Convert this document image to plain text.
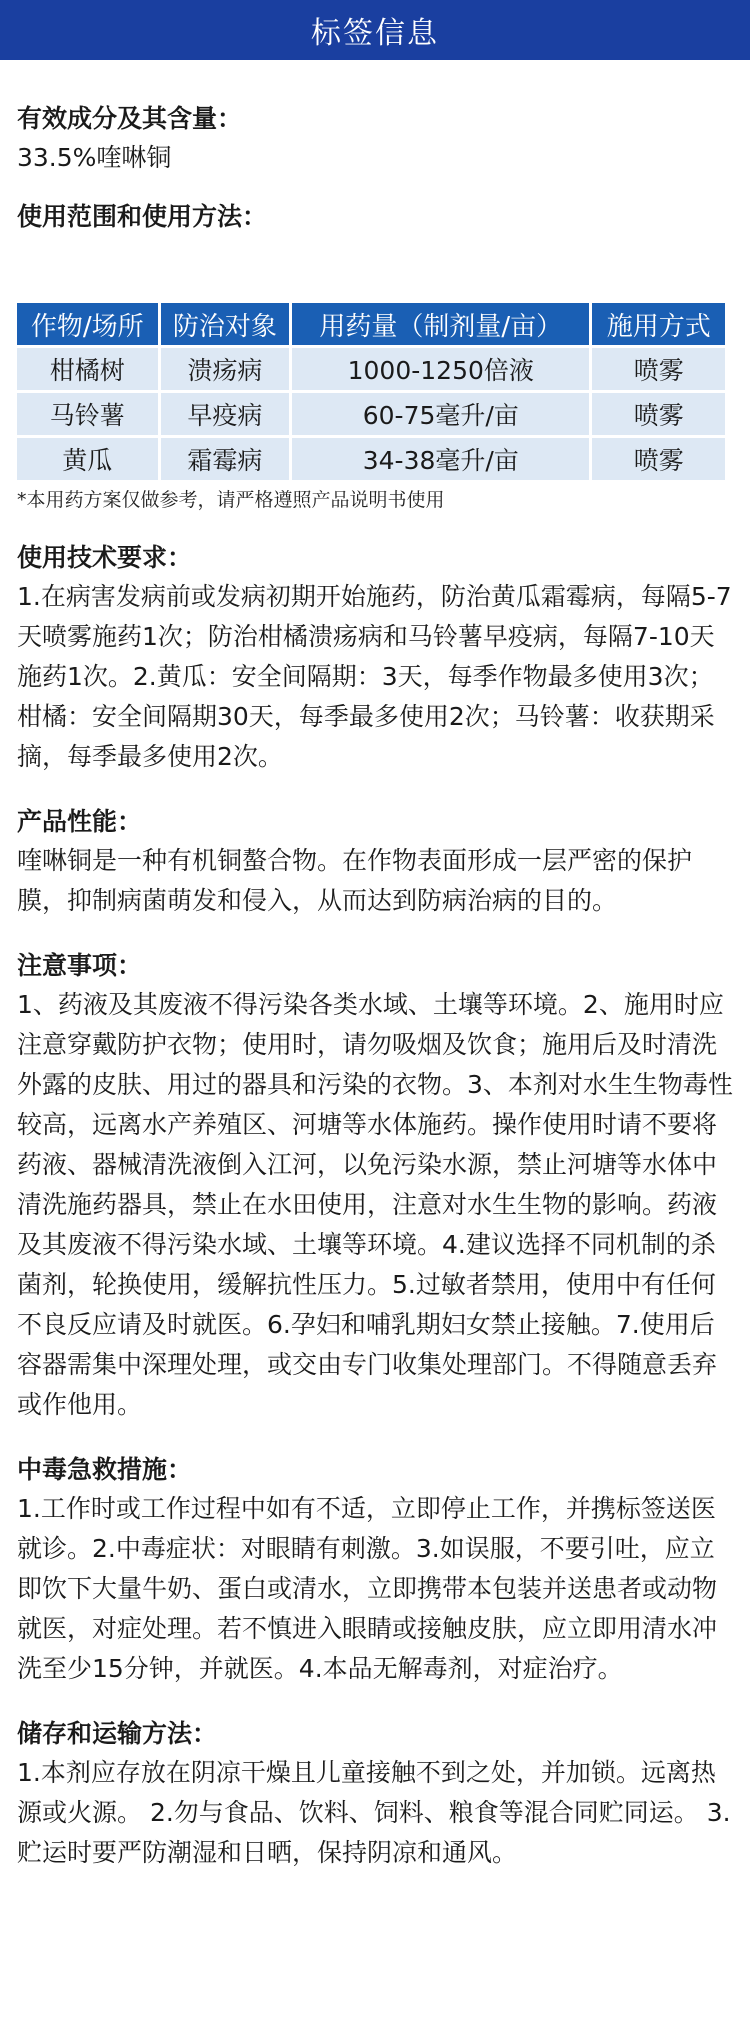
标签信息

有效成分及其含量：

33.5%喹啉铜

使用范围和使用方法：

作物/场所	防治对象	用药量（制剂量/亩）	施用方式
柑橘树	溃疡病	1000-1250倍液	喷雾
马铃薯	早疫病	60-75毫升/亩	喷雾
黄瓜	霜霉病	34-38毫升/亩	喷雾

*本用药方案仅做参考，请严格遵照产品说明书使用

使用技术要求：

1.在病害发病前或发病初期开始施药，防治黄瓜霜霉病，每隔5-7天喷雾施药1次；防治柑橘溃疡病和马铃薯早疫病，每隔7-10天施药1次。2.黄瓜：安全间隔期：3天，每季作物最多使用3次；柑橘：安全间隔期30天，每季最多使用2次；马铃薯：收获期采摘，每季最多使用2次。

产品性能：

喹啉铜是一种有机铜螯合物。在作物表面形成一层严密的保护膜，抑制病菌萌发和侵入，从而达到防病治病的目的。

注意事项：

1、药液及其废液不得污染各类水域、土壤等环境。2、施用时应注意穿戴防护衣物；使用时，请勿吸烟及饮食；施用后及时清洗外露的皮肤、用过的器具和污染的衣物。3、本剂对水生生物毒性较高，远离水产养殖区、河塘等水体施药。操作使用时请不要将药液、器械清洗液倒入江河，以免污染水源，禁止河塘等水体中清洗施药器具，禁止在水田使用，注意对水生生物的影响。药液及其废液不得污染水域、土壤等环境。4.建议选择不同机制的杀菌剂，轮换使用，缓解抗性压力。5.过敏者禁用，使用中有任何不良反应请及时就医。6.孕妇和哺乳期妇女禁止接触。7.使用后容器需集中深理处理，或交由专门收集处理部门。不得随意丢弃或作他用。

中毒急救措施：

1.工作时或工作过程中如有不适，立即停止工作，并携标签送医就诊。2.中毒症状：对眼睛有刺激。3.如误服，不要引吐，应立即饮下大量牛奶、蛋白或清水，立即携带本包装并送患者或动物就医，对症处理。若不慎进入眼睛或接触皮肤，应立即用清水冲洗至少15分钟，并就医。4.本品无解毒剂，对症治疗。

储存和运输方法：

1.本剂应存放在阴凉干燥且儿童接触不到之处，并加锁。远离热源或火源。 2.勿与食品、饮料、饲料、粮食等混合同贮同运。 3.贮运时要严防潮湿和日晒，保持阴凉和通风。
